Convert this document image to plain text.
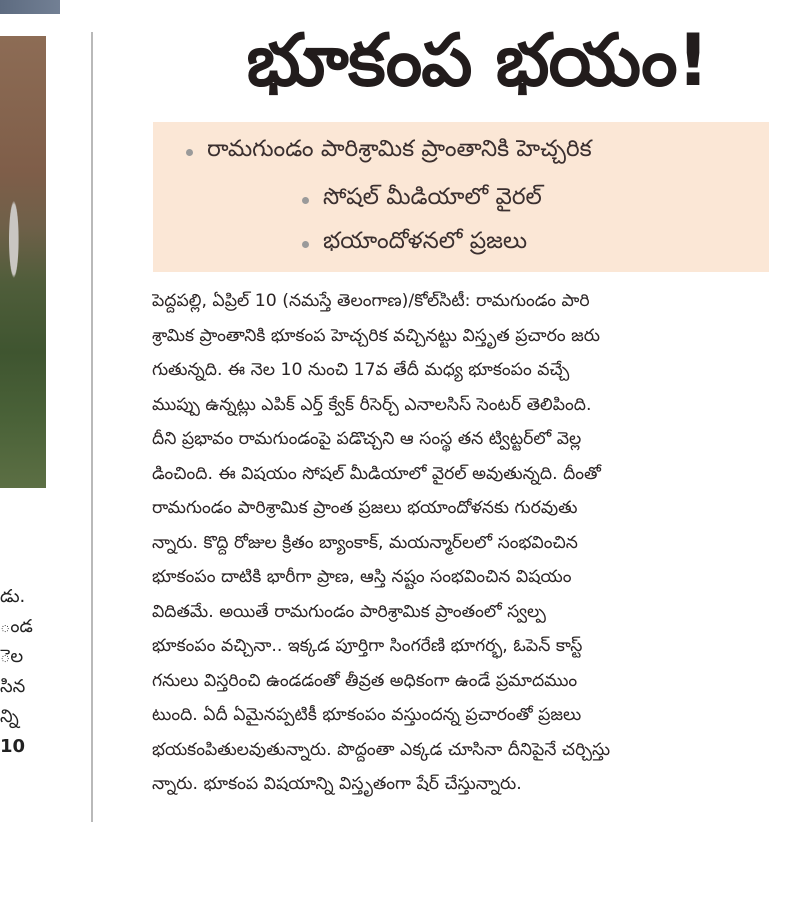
డు.
ండ
ెల
సిన
న్ని
10
భూకంప భయం!
రామగుండం పారిశ్రామిక ప్రాంతానికి హెచ్చరిక
సోషల్ మీడియాలో వైరల్
భయాందోళనలో ప్రజలు

పెద్దపల్లి, ఏప్రిల్ 10 (నమస్తే తెలంగాణ)/కోల్‌సిటీ: రామగుండం పారి

శ్రామిక ప్రాంతానికి భూకంప హెచ్చరిక వచ్చినట్టు విస్తృత ప్రచారం జరు

గుతున్నది. ఈ నెల 10 నుంచి 17వ తేదీ మధ్య భూకంపం వచ్చే

ముప్పు ఉన్నట్లు ఎపిక్ ఎర్త్ క్వేక్ రీసెర్చ్ ఎనాలసిస్ సెంటర్ తెలిపింది.

దీని ప్రభావం రామగుండంపై పడొచ్చని ఆ సంస్థ తన ట్విట్టర్‌లో వెల్ల

డించింది. ఈ విషయం సోషల్ మీడియాలో వైరల్ అవుతున్నది. దీంతో

రామగుండం పారిశ్రామిక ప్రాంత ప్రజలు భయాందోళనకు గురవుతు

న్నారు. కొద్ది రోజుల క్రితం బ్యాంకాక్, మయన్మార్‌లలో సంభవించిన

భూకంపం దాటికి భారీగా ప్రాణ, ఆస్తి నష్టం సంభవించిన విషయం

విదితమే. అయితే రామగుండం పారిశ్రామిక ప్రాంతంలో స్వల్ప

భూకంపం వచ్చినా.. ఇక్కడ పూర్తిగా సింగరేణి భూగర్భ, ఓపెన్ కాస్ట్

గనులు విస్తరించి ఉండడంతో తీవ్రత అధికంగా ఉండే ప్రమాదముం

టుంది. ఏదీ ఏమైనప్పటికీ భూకంపం వస్తుందన్న ప్రచారంతో ప్రజలు

భయకంపితులవుతున్నారు. పొద్దంతా ఎక్కడ చూసినా దీనిపైనే చర్చిస్తు

న్నారు. భూకంప విషయాన్ని విస్తృతంగా షేర్ చేస్తున్నారు.
